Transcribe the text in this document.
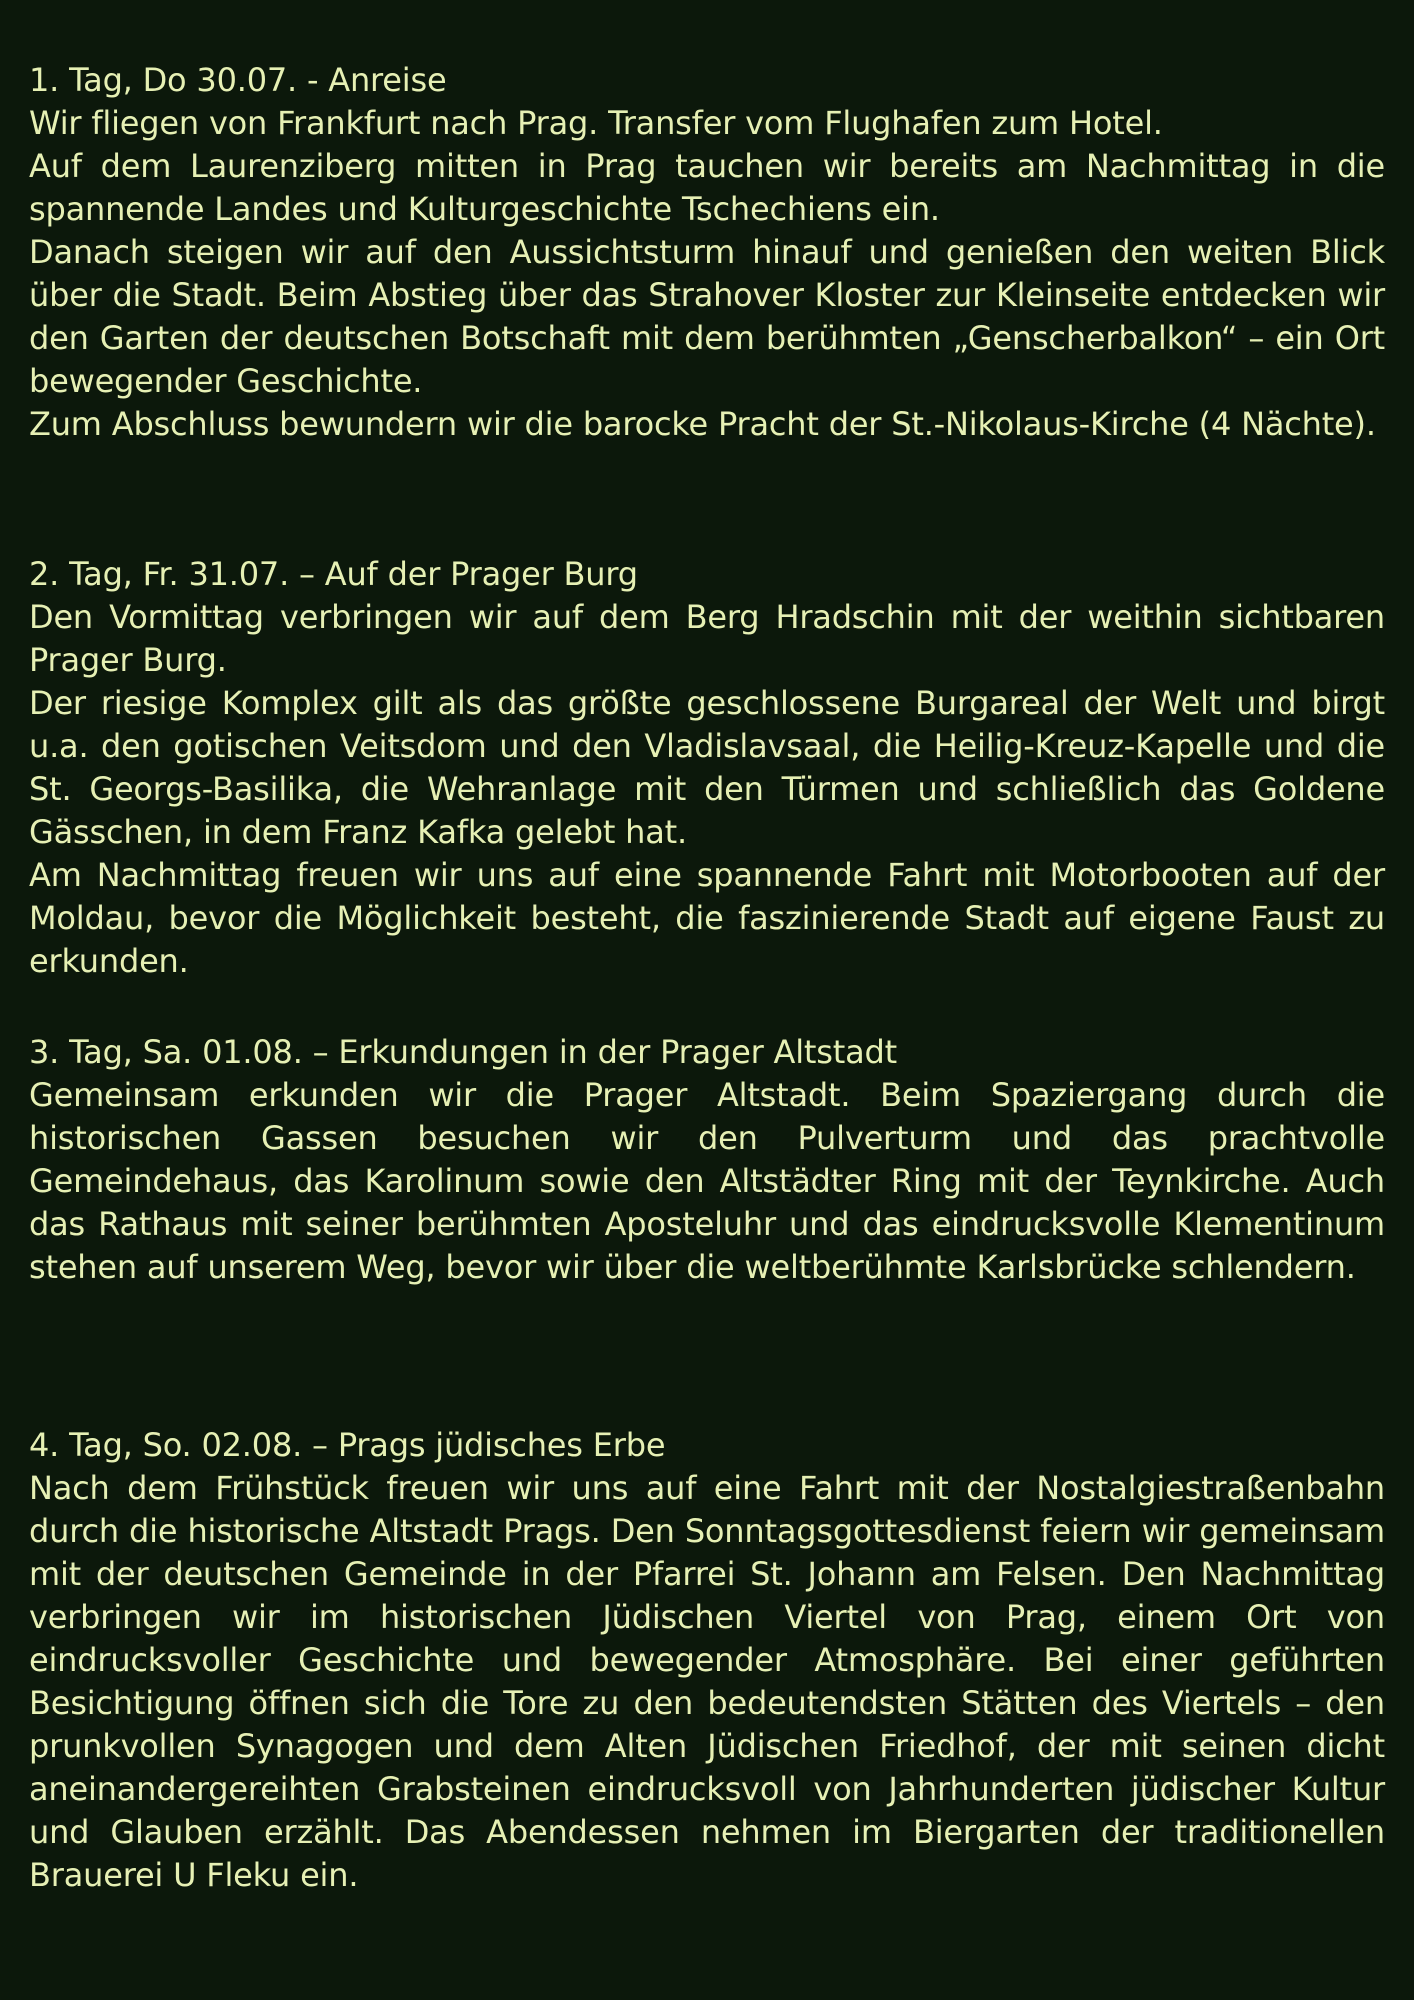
1. Tag, Do 30.07. - Anreise

Wir fliegen von Frankfurt nach Prag. Transfer vom Flughafen zum Hotel.

Auf dem Laurenziberg mitten in Prag tauchen wir bereits am Nachmittag in die spannende Landes und Kulturgeschichte Tschechiens ein.

Danach steigen wir auf den Aussichtsturm hinauf und genießen den weiten Blick über die Stadt. Beim Abstieg über das Strahover Kloster zur Kleinseite entdecken wir den Garten der deutschen Botschaft mit dem berühmten „Genscherbalkon“ – ein Ort bewegender Geschichte.

Zum Abschluss bewundern wir die barocke Pracht der St.-Nikolaus-Kirche (4 Nächte).

2. Tag, Fr. 31.07. – Auf der Prager Burg

Den Vormittag verbringen wir auf dem Berg Hradschin mit der weithin sichtbaren Prager Burg.

Der riesige Komplex gilt als das größte geschlossene Burgareal der Welt und birgt u.a. den gotischen Veitsdom und den Vladislavsaal, die Heilig-Kreuz-Kapelle und die St. Georgs-Basilika, die Wehranlage mit den Türmen und schließlich das Goldene Gässchen, in dem Franz Kafka gelebt hat.

Am Nachmittag freuen wir uns auf eine spannende Fahrt mit Motorbooten auf der Moldau, bevor die Möglichkeit besteht, die faszinierende Stadt auf eigene Faust zu erkunden.

3. Tag, Sa. 01.08. – Erkundungen in der Prager Altstadt

Gemeinsam erkunden wir die Prager Altstadt. Beim Spaziergang durch die historischen Gassen besuchen wir den Pulverturm und das prachtvolle Gemeindehaus, das Karolinum sowie den Altstädter Ring mit der Teynkirche. Auch das Rathaus mit seiner berühmten Aposteluhr und das eindrucksvolle Klementinum stehen auf unserem Weg, bevor wir über die weltberühmte Karlsbrücke schlendern.

4. Tag, So. 02.08. – Prags jüdisches Erbe

Nach dem Frühstück freuen wir uns auf eine Fahrt mit der Nostalgiestraßenbahn durch die historische Altstadt Prags. Den Sonntagsgottesdienst feiern wir gemeinsam mit der deutschen Gemeinde in der Pfarrei St. Johann am Felsen. Den Nachmittag verbringen wir im historischen Jüdischen Viertel von Prag, einem Ort von eindrucksvoller Geschichte und bewegender Atmosphäre. Bei einer geführten Besichtigung öffnen sich die Tore zu den bedeutendsten Stätten des Viertels – den prunkvollen Synagogen und dem Alten Jüdischen Friedhof, der mit seinen dicht aneinandergereihten Grabsteinen eindrucksvoll von Jahrhunderten jüdischer Kultur und Glauben erzählt. Das Abendessen nehmen im Biergarten der traditionellen Brauerei U Fleku ein.
